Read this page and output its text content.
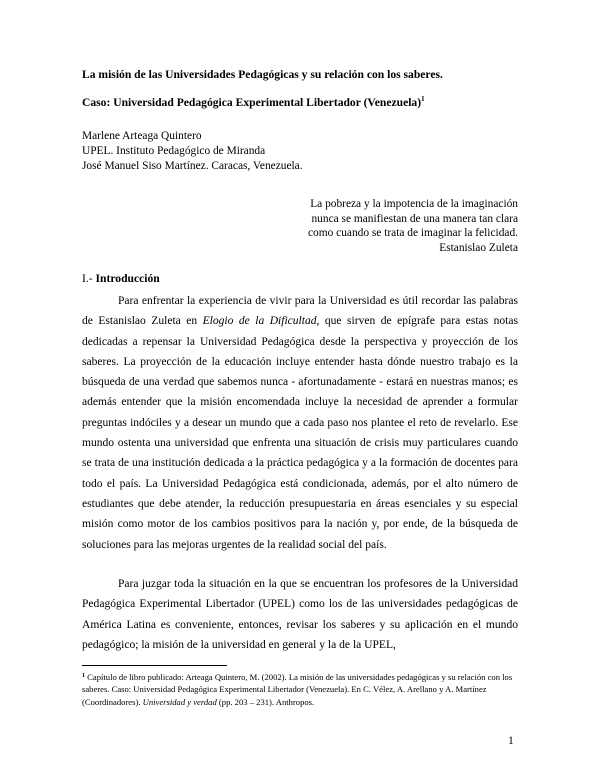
La misión de las Universidades Pedagógicas y su relación con los saberes.
Caso: Universidad Pedagógica Experimental Libertador (Venezuela)$^1$
Marlene Arteaga Quintero
UPEL. Instituto Pedagógico de Miranda
José Manuel Siso Martínez. Caracas, Venezuela.
La pobreza y la impotencia de la imaginación
nunca se manifiestan de una manera tan clara
como cuando se trata de imaginar la felicidad.
Estanislao Zuleta
I.- Introducción

Para enfrentar la experiencia de vivir para la Universidad es útil recordar las palabras de Estanislao Zuleta en Elogio de la Dificultad, que sirven de epígrafe para estas notas dedicadas a repensar la Universidad Pedagógica desde la perspectiva y proyección de los saberes. La proyección de la educación incluye entender hasta dónde nuestro trabajo es la búsqueda de una verdad que sabemos nunca - afortunadamente - estará en nuestras manos; es además entender que la misión encomendada incluye la necesidad de aprender a formular preguntas indóciles y a desear un mundo que a cada paso nos plantee el reto de revelarlo. Ese mundo ostenta una universidad que enfrenta una situación de crisis muy particulares cuando se trata de una institución dedicada a la práctica pedagógica y a la formación de docentes para todo el país. La Universidad Pedagógica está condicionada, además, por el alto número de estudiantes que debe atender, la reducción presupuestaria en áreas esenciales y su especial misión como motor de los cambios positivos para la nación y, por ende, de la búsqueda de soluciones para las mejoras urgentes de la realidad social del país.

Para juzgar toda la situación en la que se encuentran los profesores de la Universidad Pedagógica Experimental Libertador (UPEL) como los de las universidades pedagógicas de América Latina es conveniente, entonces, revisar los saberes y su aplicación en el mundo pedagógico; la misión de la universidad en general y la de la UPEL,

$^1$ Capítulo de libro publicado: Arteaga Quintero, M. (2002). La misión de las universidades pedagógicas y su relación con los saberes. Caso: Universidad Pedagógica Experimental Libertador (Venezuela). En C. Vélez, A. Arellano y A. Martínez (Coordinadores). Universidad y verdad (pp. 203 – 231). Anthropos.

1
